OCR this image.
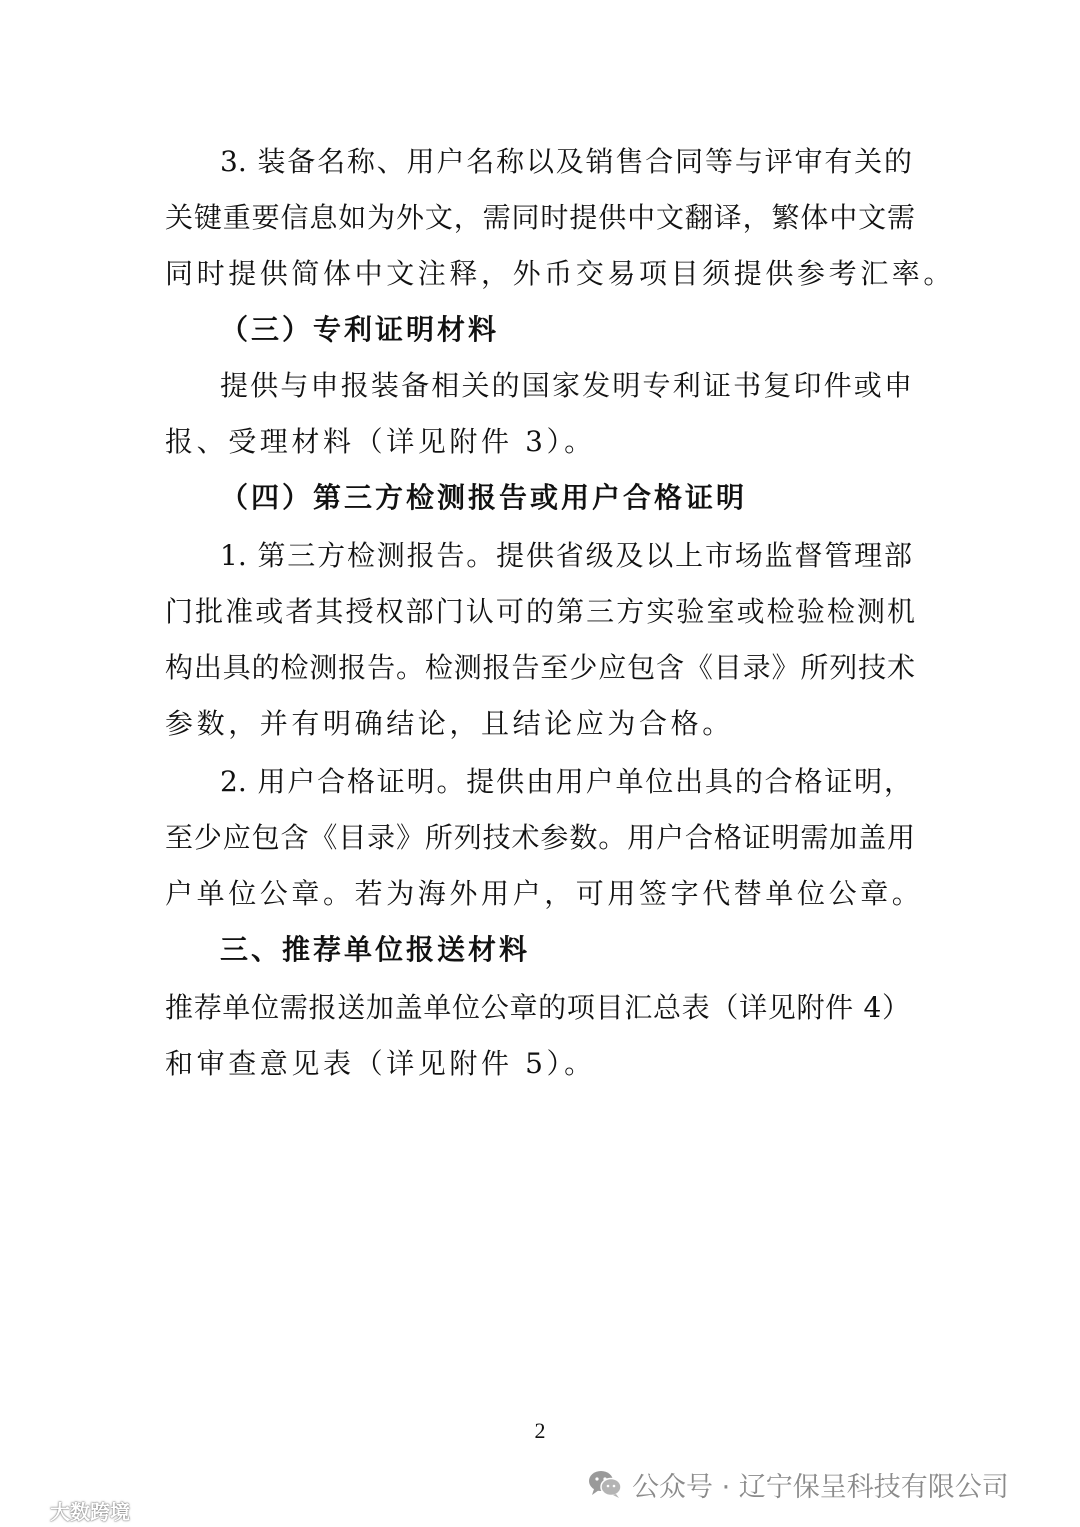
3. 装备名称、用户名称以及销售合同等与评审有关的
关键重要信息如为外文，需同时提供中文翻译，繁体中文需
同时提供简体中文注释，外币交易项目须提供参考汇率。
（三）专利证明材料
提供与申报装备相关的国家发明专利证书复印件或申
报、受理材料（详见附件 3）。
（四）第三方检测报告或用户合格证明
1. 第三方检测报告。提供省级及以上市场监督管理部
门批准或者其授权部门认可的第三方实验室或检验检测机
构出具的检测报告。检测报告至少应包含《目录》所列技术
参数，并有明确结论，且结论应为合格。
2. 用户合格证明。提供由用户单位出具的合格证明，
至少应包含《目录》所列技术参数。用户合格证明需加盖用
户单位公章。若为海外用户，可用签字代替单位公章。
三、推荐单位报送材料
推荐单位需报送加盖单位公章的项目汇总表（详见附件 4）
和审查意见表（详见附件 5）。
2
公众号 · 辽宁保呈科技有限公司
大数跨境
